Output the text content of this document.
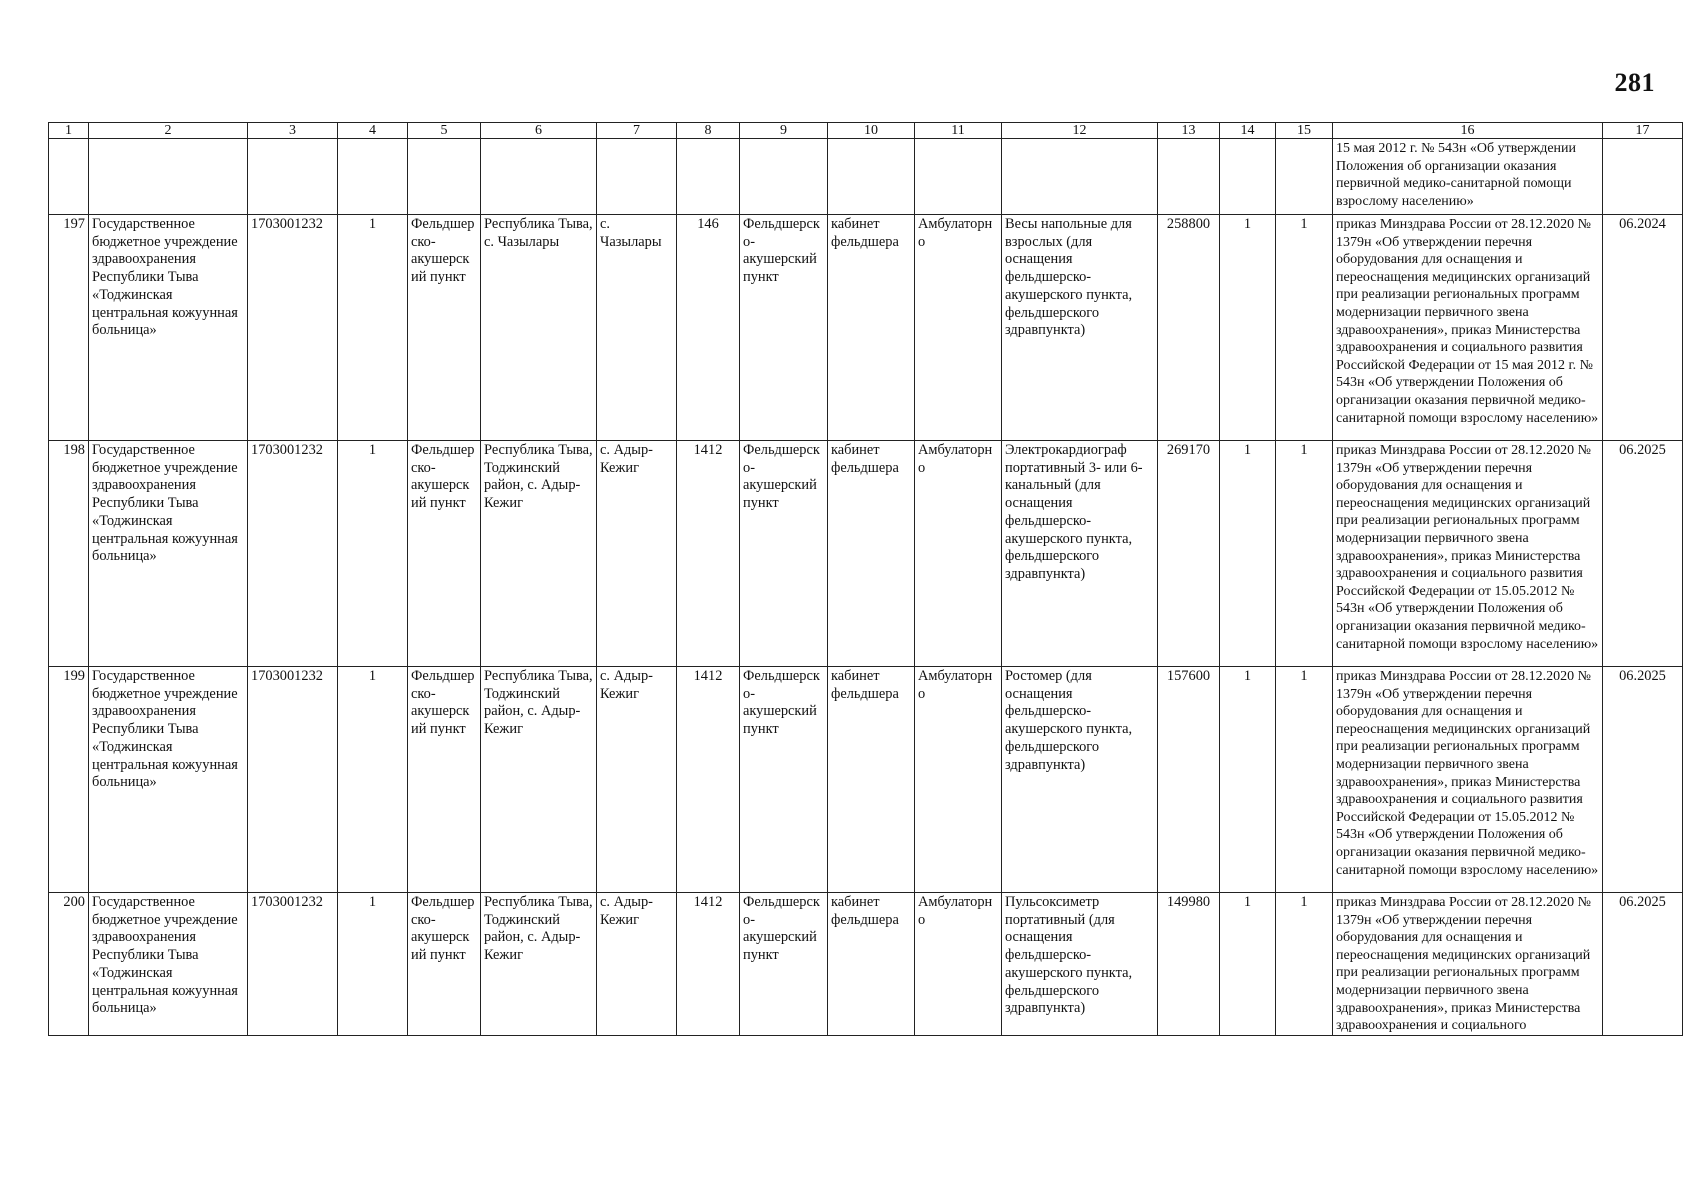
281
1	2	3	4	5	6	7	8	9	10	11	12	13	14	15	16	17
															15 мая 2012 г. № 543н «Об утверждении Положения об организации оказания первичной медико-санитарной помощи взрослому населению»	
197	Государственное бюджетное учреждение здравоохранения Республики Тыва «Тоджинская центральная кожуунная больница»	1703001232	1	Фельдшерско-акушерский пункт	Республика Тыва, с. Чазылары	с. Чазылары	146	Фельдшерско-акушерский пункт	кабинет фельдшера	Амбулаторно	Весы напольные для взрослых (для оснащения фельдшерско-акушерского пункта, фельдшерского здравпункта)	258800	1	1	приказ Минздрава России от 28.12.2020 № 1379н «Об утверждении перечня оборудования для оснащения и переоснащения медицинских организаций при реализации региональных программ модернизации первичного звена здравоохранения», приказ Министерства здравоохранения и социального развития Российской Федерации от 15 мая 2012 г. № 543н «Об утверждении Положения об организации оказания первичной медико-санитарной помощи взрослому населению»	06.2024
198	Государственное бюджетное учреждение здравоохранения Республики Тыва «Тоджинская центральная кожуунная больница»	1703001232	1	Фельдшерско-акушерский пункт	Республика Тыва, Тоджинский район, с. Адыр-Кежиг	с. Адыр-Кежиг	1412	Фельдшерско-акушерский пункт	кабинет фельдшера	Амбулаторно	Электрокардиограф портативный 3- или 6-канальный (для оснащения фельдшерско-акушерского пункта, фельдшерского здравпункта)	269170	1	1	приказ Минздрава России от 28.12.2020 № 1379н «Об утверждении перечня оборудования для оснащения и переоснащения медицинских организаций при реализации региональных программ модернизации первичного звена здравоохранения», приказ Министерства здравоохранения и социального развития Российской Федерации от 15.05.2012 № 543н «Об утверждении Положения об организации оказания первичной медико-санитарной помощи взрослому населению»	06.2025
199	Государственное бюджетное учреждение здравоохранения Республики Тыва «Тоджинская центральная кожуунная больница»	1703001232	1	Фельдшерско-акушерский пункт	Республика Тыва, Тоджинский район, с. Адыр-Кежиг	с. Адыр-Кежиг	1412	Фельдшерско-акушерский пункт	кабинет фельдшера	Амбулаторно	Ростомер (для оснащения фельдшерско-акушерского пункта, фельдшерского здравпункта)	157600	1	1	приказ Минздрава России от 28.12.2020 № 1379н «Об утверждении перечня оборудования для оснащения и переоснащения медицинских организаций при реализации региональных программ модернизации первичного звена здравоохранения», приказ Министерства здравоохранения и социального развития Российской Федерации от 15.05.2012 № 543н «Об утверждении Положения об организации оказания первичной медико-санитарной помощи взрослому населению»	06.2025
200	Государственное бюджетное учреждение здравоохранения Республики Тыва «Тоджинская центральная кожуунная больница»	1703001232	1	Фельдшерско-акушерский пункт	Республика Тыва, Тоджинский район, с. Адыр-Кежиг	с. Адыр-Кежиг	1412	Фельдшерско-акушерский пункт	кабинет фельдшера	Амбулаторно	Пульсоксиметр портативный (для оснащения фельдшерско-акушерского пункта, фельдшерского здравпункта)	149980	1	1	приказ Минздрава России от 28.12.2020 № 1379н «Об утверждении перечня оборудования для оснащения и переоснащения медицинских организаций при реализации региональных программ модернизации первичного звена здравоохранения», приказ Министерства здравоохранения и социального	06.2025
